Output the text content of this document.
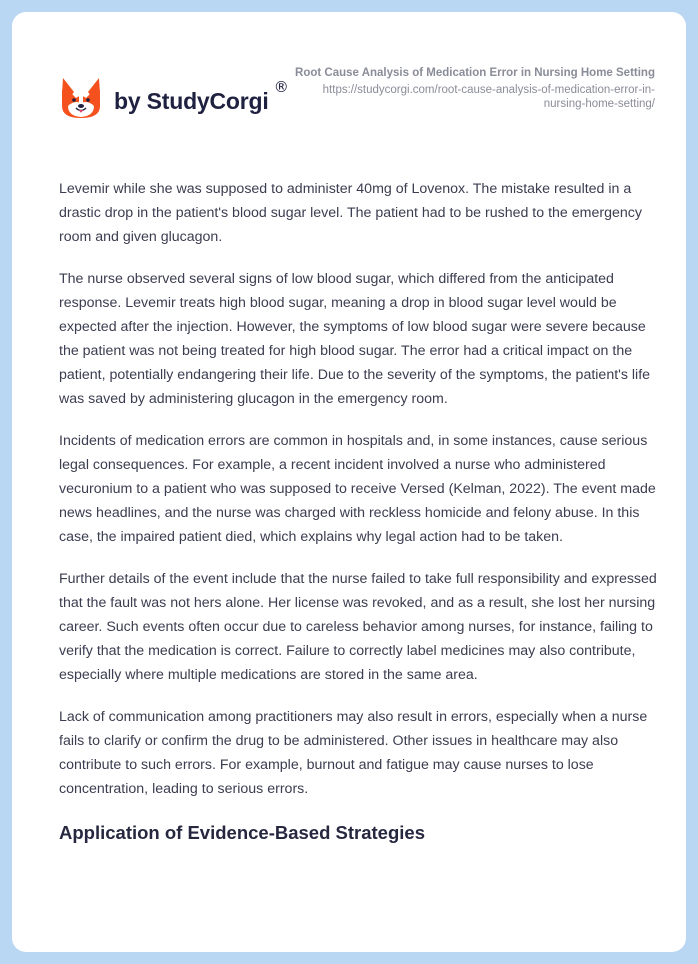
by StudyCorgi
®
Root Cause Analysis of Medication Error in Nursing Home Setting
https://studycorgi.com/root-cause-analysis-of-medication-error-in-nursing-home-setting/

Levemir while she was supposed to administer 40mg of Lovenox. The mistake resulted in a drastic drop in the patient's blood sugar level. The patient had to be rushed to the emergency room and given glucagon.

The nurse observed several signs of low blood sugar, which differed from the anticipated response. Levemir treats high blood sugar, meaning a drop in blood sugar level would be expected after the injection. However, the symptoms of low blood sugar were severe because the patient was not being treated for high blood sugar. The error had a critical impact on the patient, potentially endangering their life. Due to the severity of the symptoms, the patient's life was saved by administering glucagon in the emergency room.

Incidents of medication errors are common in hospitals and, in some instances, cause serious legal consequences. For example, a recent incident involved a nurse who administered vecuronium to a patient who was supposed to receive Versed (Kelman, 2022). The event made news headlines, and the nurse was charged with reckless homicide and felony abuse. In this case, the impaired patient died, which explains why legal action had to be taken.

Further details of the event include that the nurse failed to take full responsibility and expressed that the fault was not hers alone. Her license was revoked, and as a result, she lost her nursing career. Such events often occur due to careless behavior among nurses, for instance, failing to verify that the medication is correct. Failure to correctly label medicines may also contribute, especially where multiple medications are stored in the same area.

Lack of communication among practitioners may also result in errors, especially when a nurse fails to clarify or confirm the drug to be administered. Other issues in healthcare may also contribute to such errors. For example, burnout and fatigue may cause nurses to lose concentration, leading to serious errors.

Application of Evidence-Based Strategies
